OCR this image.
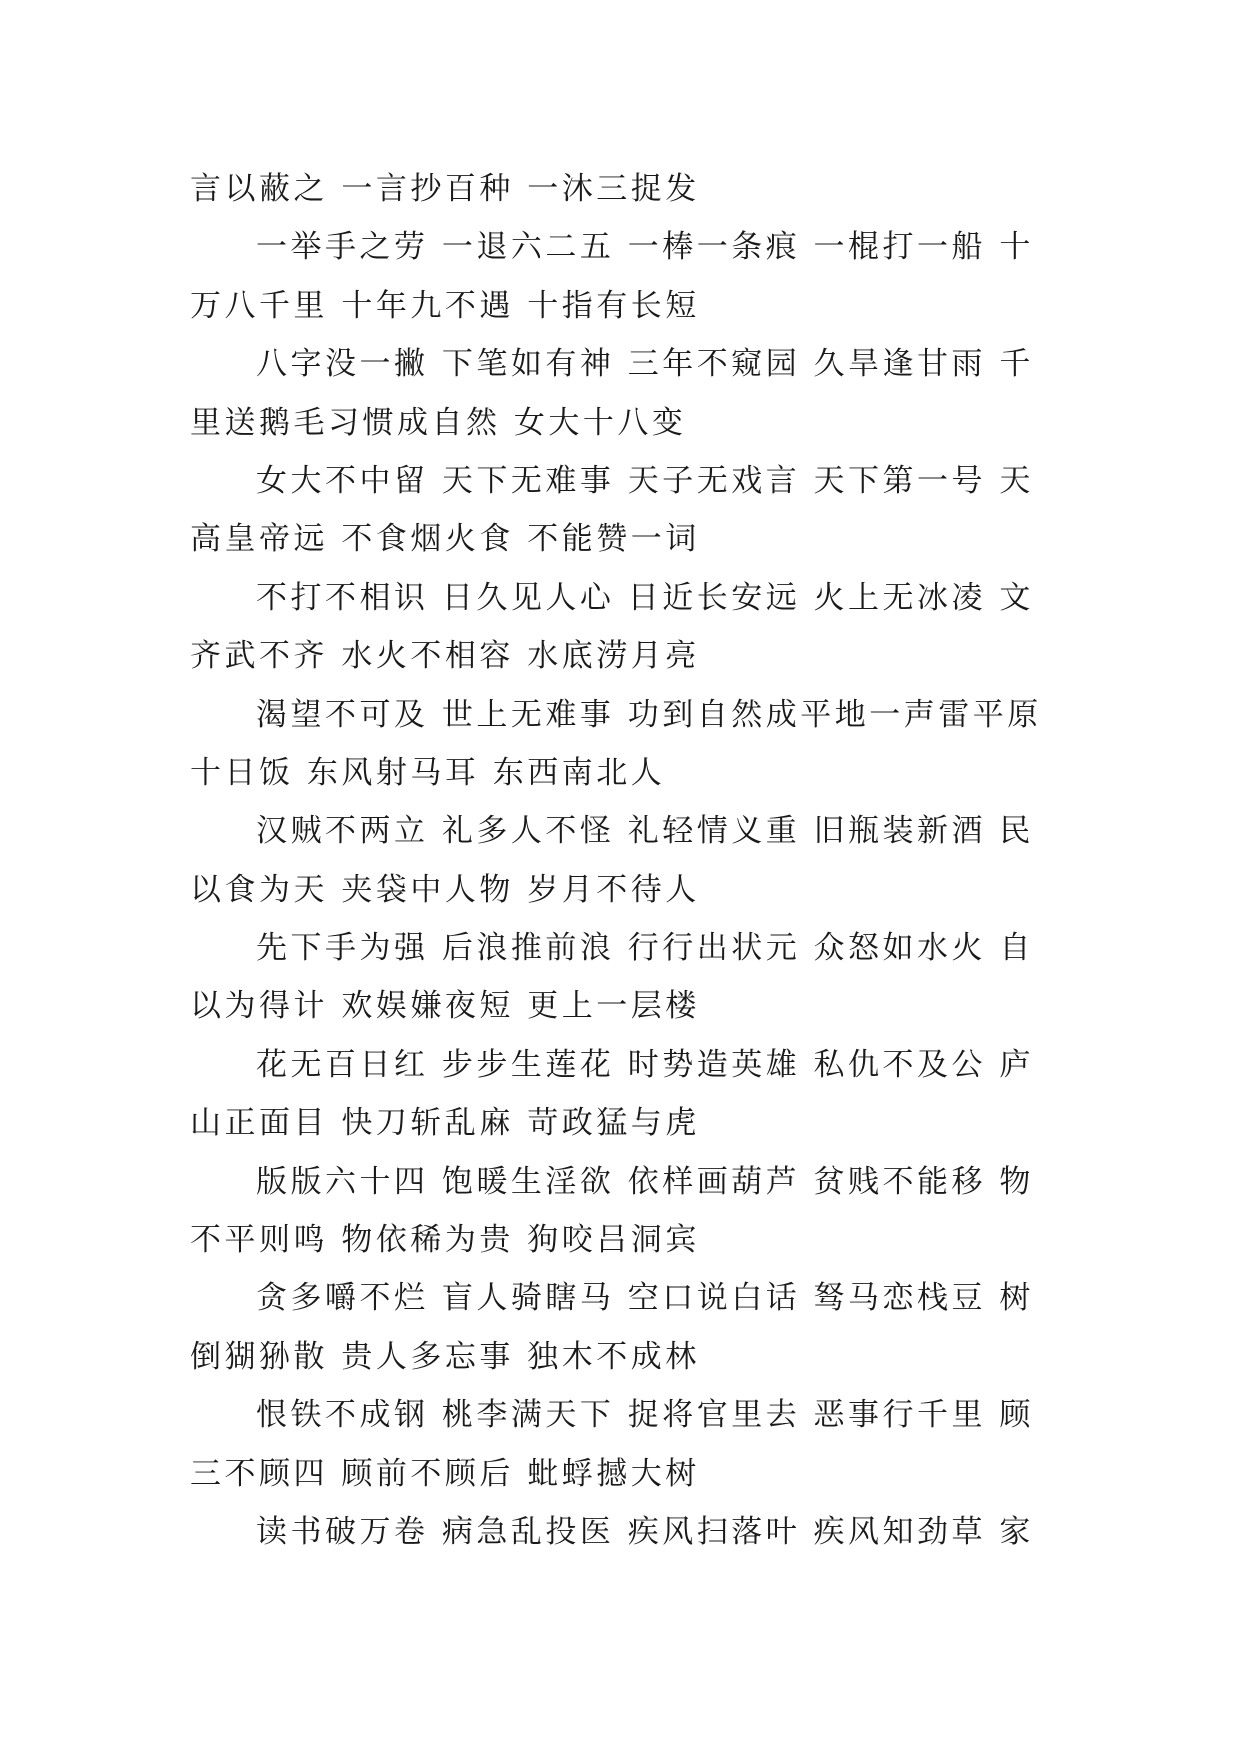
言以蔽之 一言抄百种 一沐三捉发
一举手之劳 一退六二五 一棒一条痕 一棍打一船 十
万八千里 十年九不遇 十指有长短
八字没一撇 下笔如有神 三年不窥园 久旱逢甘雨 千
里送鹅毛习惯成自然 女大十八变
女大不中留 天下无难事 天子无戏言 天下第一号 天
高皇帝远 不食烟火食 不能赞一词
不打不相识 日久见人心 日近长安远 火上无冰凌 文
齐武不齐 水火不相容 水底涝月亮
渴望不可及 世上无难事 功到自然成平地一声雷平原
十日饭 东风射马耳 东西南北人
汉贼不两立 礼多人不怪 礼轻情义重 旧瓶装新酒 民
以食为天 夹袋中人物 岁月不待人
先下手为强 后浪推前浪 行行出状元 众怒如水火 自
以为得计 欢娱嫌夜短 更上一层楼
花无百日红 步步生莲花 时势造英雄 私仇不及公 庐
山正面目 快刀斩乱麻 苛政猛与虎
版版六十四 饱暖生淫欲 依样画葫芦 贫贱不能移 物
不平则鸣 物依稀为贵 狗咬吕洞宾
贪多嚼不烂 盲人骑瞎马 空口说白话 驽马恋栈豆 树
倒猢狲散 贵人多忘事 独木不成林
恨铁不成钢 桃李满天下 捉将官里去 恶事行千里 顾
三不顾四 顾前不顾后 蚍蜉撼大树
读书破万卷 病急乱投医 疾风扫落叶 疾风知劲草 家
